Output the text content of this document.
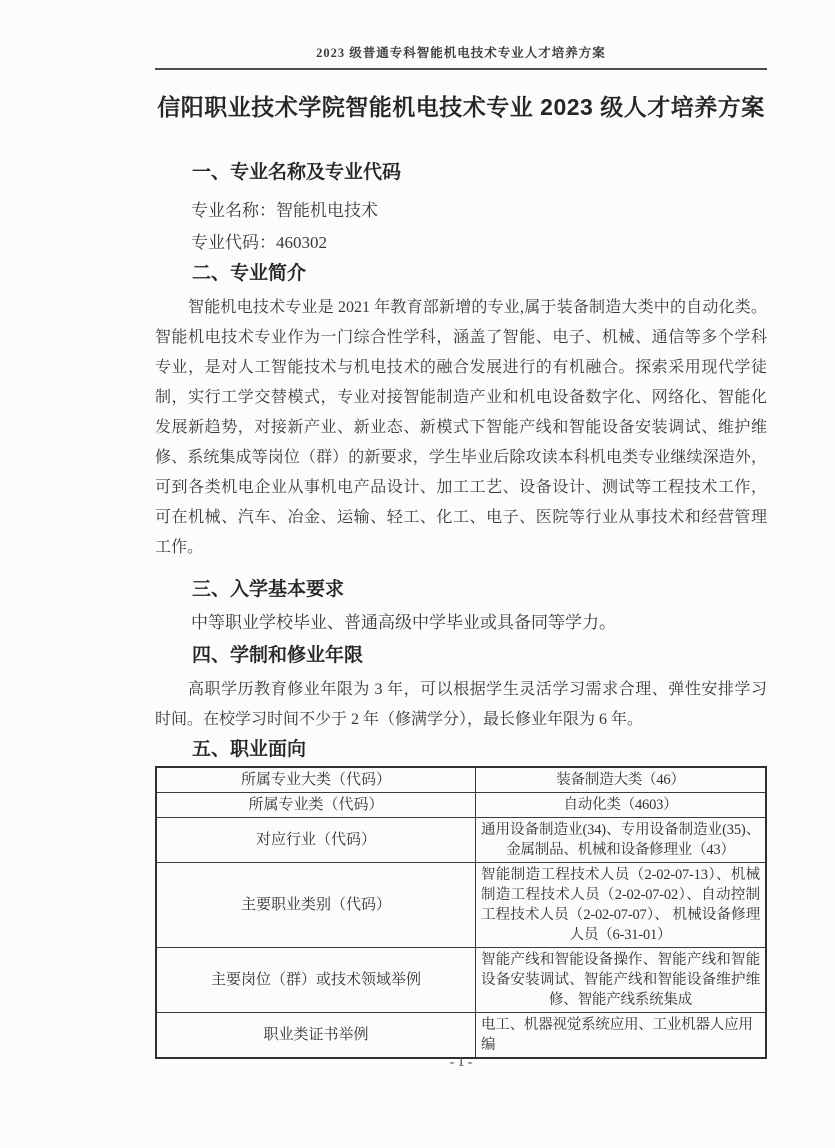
2023 级普通专科智能机电技术专业人才培养方案
信阳职业技术学院智能机电技术专业 2023 级人才培养方案
一、专业名称及专业代码
专业名称：智能机电技术
专业代码：460302
二、专业简介
智能机电技术专业是 2021 年教育部新增的专业,属于装备制造大类中的自动化类。
智能机电技术专业作为一门综合性学科，涵盖了智能、电子、机械、通信等多个学科
专业，是对人工智能技术与机电技术的融合发展进行的有机融合。探索采用现代学徒
制，实行工学交替模式，专业对接智能制造产业和机电设备数字化、网络化、智能化
发展新趋势，对接新产业、新业态、新模式下智能产线和智能设备安装调试、维护维
修、系统集成等岗位（群）的新要求，学生毕业后除攻读本科机电类专业继续深造外，
可到各类机电企业从事机电产品设计、加工工艺、设备设计、测试等工程技术工作，
可在机械、汽车、冶金、运输、轻工、化工、电子、医院等行业从事技术和经营管理
工作。
三、入学基本要求
中等职业学校毕业、普通高级中学毕业或具备同等学力。
四、学制和修业年限
高职学历教育修业年限为 3 年，可以根据学生灵活学习需求合理、弹性安排学习
时间。在校学习时间不少于 2 年（修满学分），最长修业年限为 6 年。
五、职业面向
所属专业大类（代码）	装备制造大类（46）
所属专业类（代码）	自动化类（4603）
对应行业（代码）	通用设备制造业(34)、专用设备制造业(35)、金属制品、机械和设备修理业（43）
主要职业类别（代码）	智能制造工程技术人员（2-02-07-13）、机械制造工程技术人员（2-02-07-02）、自动控制工程技术人员（2-02-07-07）、 机械设备修理人员（6-31-01）
主要岗位（群）或技术领域举例	智能产线和智能设备操作、智能产线和智能设备安装调试、智能产线和智能设备维护维修、智能产线系统集成
职业类证书举例	电工、机器视觉系统应用、工业机器人应用编
- 1 -
